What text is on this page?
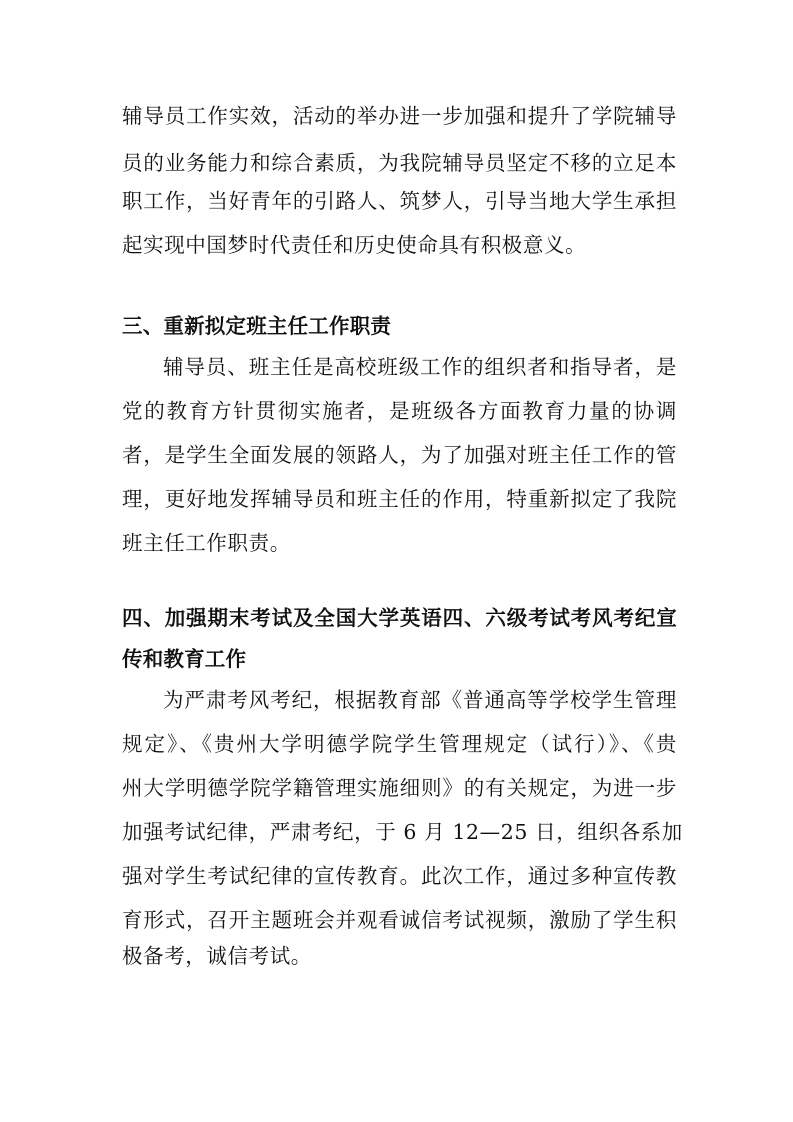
辅导员工作实效，活动的举办进一步加强和提升了学院辅导
员的业务能力和综合素质，为我院辅导员坚定不移的立足本
职工作，当好青年的引路人、筑梦人，引导当地大学生承担
起实现中国梦时代责任和历史使命具有积极意义。
三、重新拟定班主任工作职责
辅导员、班主任是高校班级工作的组织者和指导者，是
党的教育方针贯彻实施者，是班级各方面教育力量的协调
者，是学生全面发展的领路人，为了加强对班主任工作的管
理，更好地发挥辅导员和班主任的作用，特重新拟定了我院
班主任工作职责。
四、加强期末考试及全国大学英语四、六级考试考风考纪宣
传和教育工作
为严肃考风考纪，根据教育部《普通高等学校学生管理
规定》、《贵州大学明德学院学生管理规定（试行）》、《贵
州大学明德学院学籍管理实施细则》的有关规定，为进一步
加强考试纪律，严肃考纪，于 6 月 12—25 日，组织各系加
强对学生考试纪律的宣传教育。此次工作，通过多种宣传教
育形式，召开主题班会并观看诚信考试视频，激励了学生积
极备考，诚信考试。
